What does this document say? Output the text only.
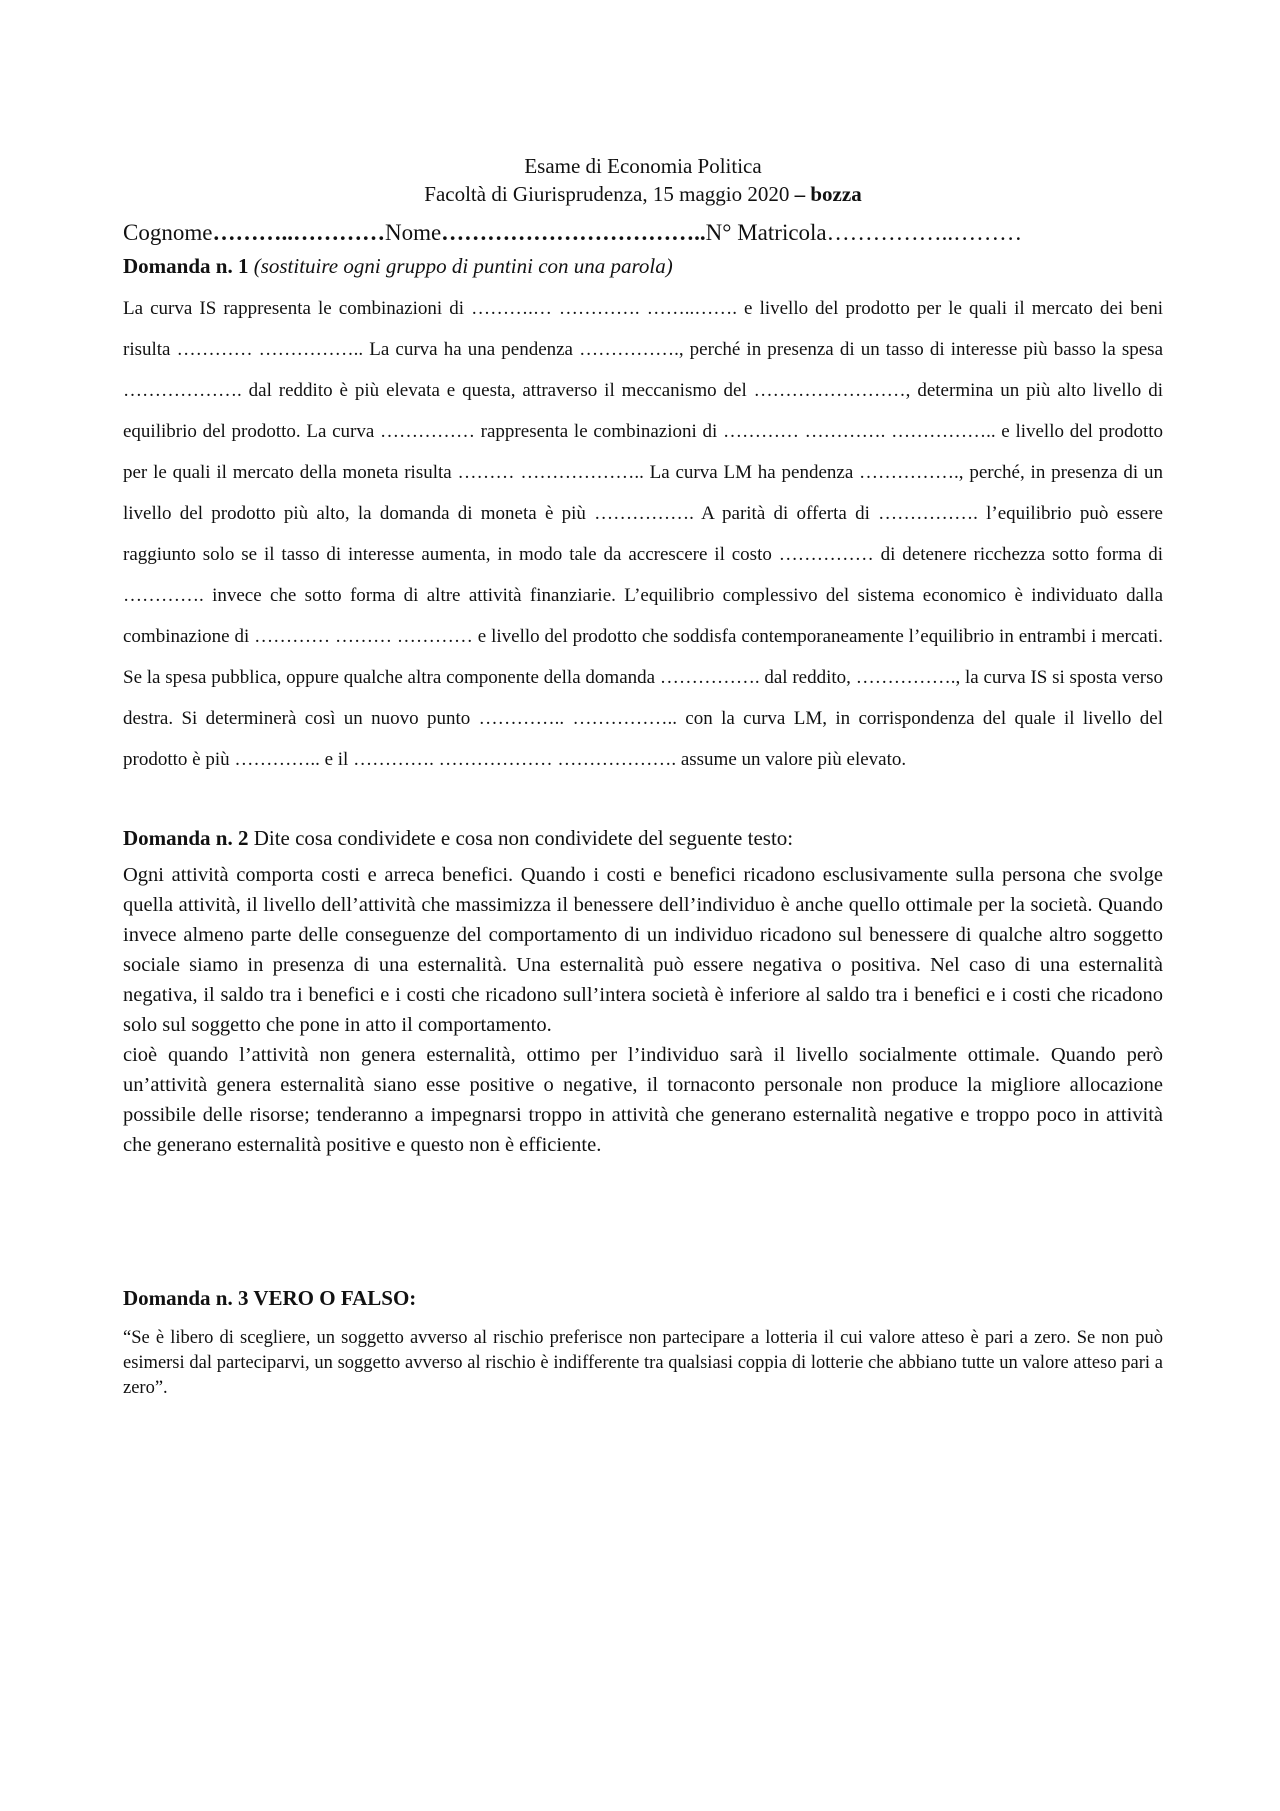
Esame di Economia Politica
Facoltà di Giurisprudenza, 15 maggio 2020 – bozza
Cognome………..…………Nome……………………………..N° Matricola……………..………
Domanda n. 1 (sostituire ogni gruppo di puntini con una parola)

La curva IS rappresenta le combinazioni di ……….… …………. ……..……. e livello del prodotto per le quali il mercato dei beni risulta ………… …………….. La curva ha una pendenza ……………., perché in presenza di un tasso di interesse più basso la spesa ………………. dal reddito è più elevata e questa, attraverso il meccanismo del ……………………, determina un più alto livello di equilibrio del prodotto. La curva …………… rappresenta le combinazioni di ………… …………. …………….. e livello del prodotto per le quali il mercato della moneta risulta ……… ……………….. La curva LM ha pendenza ……………., perché, in presenza di un livello del prodotto più alto, la domanda di moneta è più ……………. A parità di offerta di ……………. l’equilibrio può essere raggiunto solo se il tasso di interesse aumenta, in modo tale da accrescere il costo …………… di detenere ricchezza sotto forma di …………. invece che sotto forma di altre attività finanziarie. L’equilibrio complessivo del sistema economico è individuato dalla combinazione di ………… ……… ………… e livello del prodotto che soddisfa contemporaneamente l’equilibrio in entrambi i mercati. Se la spesa pubblica, oppure qualche altra componente della domanda ……………. dal reddito, ……………., la curva IS si sposta verso destra. Si determinerà così un nuovo punto ………….. …………….. con la curva LM, in corrispondenza del quale il livello del prodotto è più ………….. e il …………. ……………… ………………. assume un valore più elevato.

Domanda n. 2 Dite cosa condividete e cosa non condividete del seguente testo:

Ogni attività comporta costi e arreca benefici. Quando i costi e benefici ricadono esclusivamente sulla persona che svolge quella attività, il livello dell’attività che massimizza il benessere dell’individuo è anche quello ottimale per la società. Quando invece almeno parte delle conseguenze del comportamento di un individuo ricadono sul benessere di qualche altro soggetto sociale siamo in presenza di una esternalità. Una esternalità può essere negativa o positiva. Nel caso di una esternalità negativa, il saldo tra i benefici e i costi che ricadono sull’intera società è inferiore al saldo tra i benefici e i costi che ricadono solo sul soggetto che pone in atto il comportamento.

cioè quando l’attività non genera esternalità, ottimo per l’individuo sarà il livello socialmente ottimale. Quando però un’attività genera esternalità siano esse positive o negative, il tornaconto personale non produce la migliore allocazione possibile delle risorse; tenderanno a impegnarsi troppo in attività che generano esternalità negative e troppo poco in attività che generano esternalità positive e questo non è efficiente.

Domanda n. 3 VERO O FALSO:
“Se è libero di scegliere, un soggetto avverso al rischio preferisce non partecipare a lotteria il cui valore atteso è pari a zero. Se non può esimersi dal parteciparvi, un soggetto avverso al rischio è indifferente tra qualsiasi coppia di lotterie che abbiano tutte un valore atteso pari a zero”.
